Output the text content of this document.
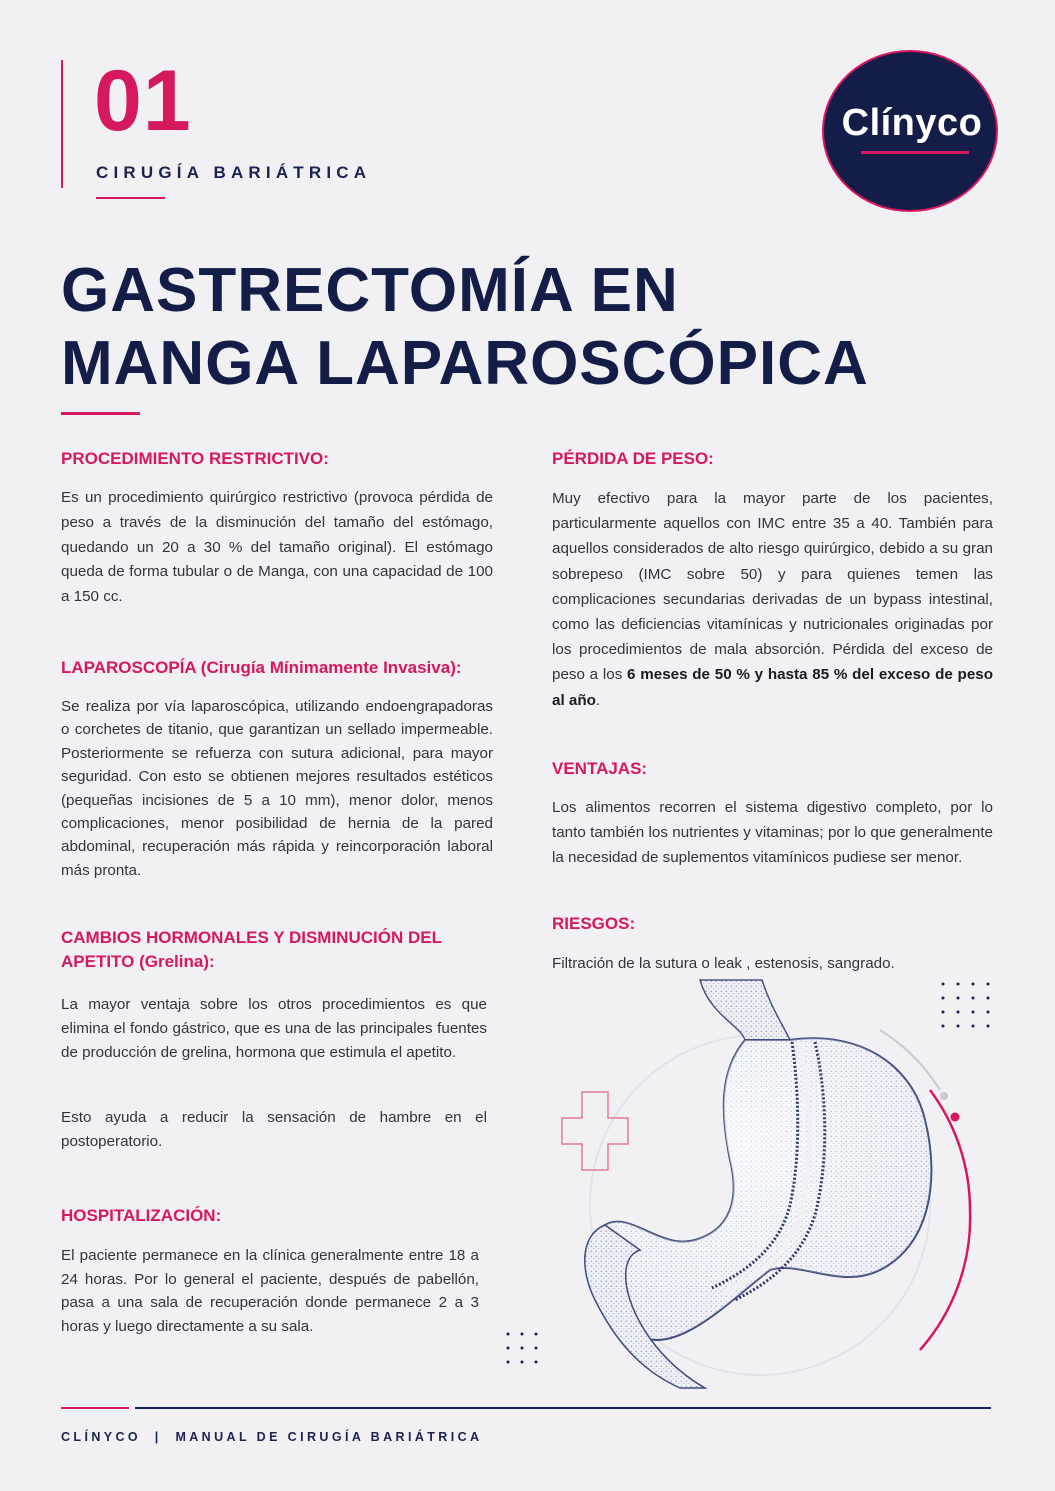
01
CIRUGÍA BARIÁTRICA
Clínyco
GASTRECTOMÍA EN
MANGA LAPAROSCÓPICA
PROCEDIMIENTO RESTRICTIVO:
Es un procedimiento quirúrgico restrictivo (provoca pérdida de peso a través de la disminución del tamaño del estómago, quedando un 20 a 30 % del tamaño original). El estómago queda de forma tubular o de Manga, con una capacidad de 100 a 150 cc.
LAPAROSCOPÍA (Cirugía Mínimamente Invasiva):
Se realiza por vía laparoscópica, utilizando endoengrapadoras o corchetes de titanio, que garantizan un sellado impermeable. Posteriormente se refuerza con sutura adicional, para mayor seguridad. Con esto se obtienen mejores resultados estéticos (pequeñas incisiones de 5 a 10 mm), menor dolor, menos complicaciones, menor posibilidad de hernia de la pared abdominal, recuperación más rápida y reincorporación laboral más pronta.
CAMBIOS HORMONALES Y DISMINUCIÓN DEL
APETITO (Grelina):
La mayor ventaja sobre los otros procedimientos es que elimina el fondo gástrico, que es una de las principales fuentes de producción de grelina, hormona que estimula el apetito.
Esto ayuda a reducir la sensación de hambre en el postoperatorio.
HOSPITALIZACIÓN:
El paciente permanece en la clínica generalmente entre 18 a 24 horas. Por lo general el paciente, después de pabellón, pasa a una sala de recuperación donde permanece 2 a 3 horas y luego directamente a su sala.
PÉRDIDA DE PESO:
Muy efectivo para la mayor parte de los pacientes, particularmente aquellos con IMC entre 35 a 40. También para aquellos considerados de alto riesgo quirúrgico, debido a su gran sobrepeso (IMC sobre 50) y para quienes temen las complicaciones secundarias derivadas de un bypass intestinal, como las deficiencias vitamínicas y nutricionales originadas por los procedimientos de mala absorción. Pérdida del exceso de peso a los 6 meses de 50 % y hasta 85 % del exceso de peso al año.
VENTAJAS:
Los alimentos recorren el sistema digestivo completo, por lo tanto también los nutrientes y vitaminas; por lo que generalmente la necesidad de suplementos vitamínicos pudiese ser menor.
RIESGOS:
Filtración de la sutura o leak , estenosis, sangrado.
CLÍNYCO  |  MANUAL DE CIRUGÍA BARIÁTRICA
